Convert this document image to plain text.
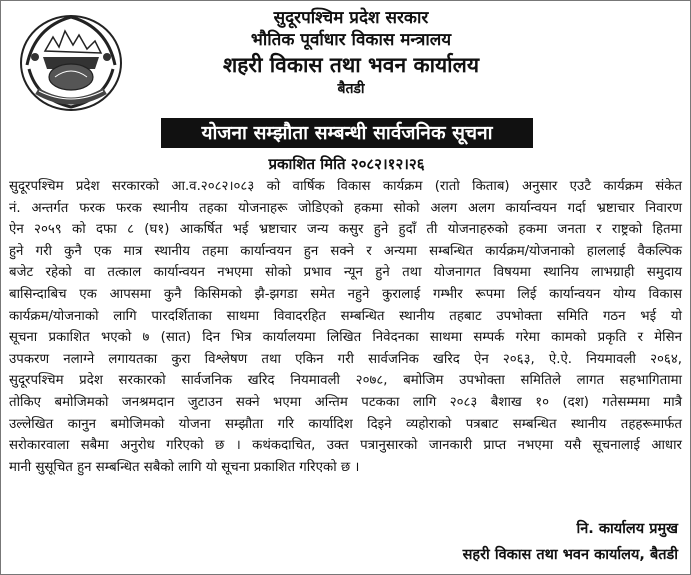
सुदूरपश्चिम प्रदेश सरकार
भौतिक पूर्वाधार विकास मन्त्रालय
शहरी विकास तथा भवन कार्यालय
बैतडी
योजना सम्झौता सम्बन्धी सार्वजनिक सूचना
प्रकाशित मिति २०८२।१२।२६

सुदूरपश्चिम प्रदेश सरकारको आ.व.२०८२।०८३ को वार्षिक विकास कार्यक्रम (रातो किताब) अनुसार एउटै कार्यक्रम संकेत
नं. अन्तर्गत फरक फरक स्थानीय तहका योजनाहरू जोडिएको हकमा सोको अलग अलग कार्यान्वयन गर्दा भ्रष्टाचार निवारण
ऐन २०५९ को दफा ८ (घ१) आकर्षित भई भ्रष्टाचार जन्य कसुर हुने हुदाँ ती योजनाहरुको हकमा जनता र राष्ट्रको हितमा
हुने गरी कुनै एक मात्र स्थानीय तहमा कार्यान्वयन हुन सक्ने र अन्यमा सम्बन्धित कार्यक्रम/योजनाको हाललाई वैकल्पिक
बजेट रहेको वा तत्काल कार्यान्वयन नभएमा सोको प्रभाव न्यून हुने तथा योजनागत विषयमा स्थानिय लाभग्राही समुदाय
बासिन्दाबिच एक आपसमा कुनै किसिमको झै-झगडा समेत नहुने कुरालाई गम्भीर रूपमा लिई कार्यान्वयन योग्य विकास
कार्यक्रम/योजनाको लागि पारदर्शिताका साथमा विवादरहित सम्बन्धित स्थानीय तहबाट उपभोक्ता समिति गठन भई यो
सूचना प्रकाशित भएको ७ (सात) दिन भित्र कार्यालयमा लिखित निवेदनका साथमा सम्पर्क गरेमा कामको प्रकृति र मेसिन
उपकरण नलाग्ने लगायतका कुरा विश्लेषण तथा एकिन गरी सार्वजनिक खरिद ऐन २०६३, ऐ.ऐ. नियमावली २०६४,
सुदूरपश्चिम प्रदेश सरकारको सार्वजनिक खरिद नियमावली २०७८, बमोजिम उपभोक्ता समितिले लागत सहभागितामा
तोकिए बमोजिमको जनश्रमदान जुटाउन सक्ने भएमा अन्तिम पटकका लागि २०८३ बैशाख १० (दश) गतेसम्ममा मात्रै
उल्लेखित कानुन बमोजिमको योजना सम्झौता गरि कार्यादिश दिइने व्यहोराको पत्रबाट सम्बन्धित स्थानीय तहहरूमार्फत
सरोकारवाला सबैमा अनुरोध गरिएको छ । कथंकदाचित, उक्त पत्रानुसारको जानकारी प्राप्त नभएमा यसै सूचनालाई आधार
मानी सुसूचित हुन सम्बन्धित सबैको लागि यो सूचना प्रकाशित गरिएको छ ।

नि. कार्यालय प्रमुख
सहरी विकास तथा भवन कार्यालय, बैतडी
